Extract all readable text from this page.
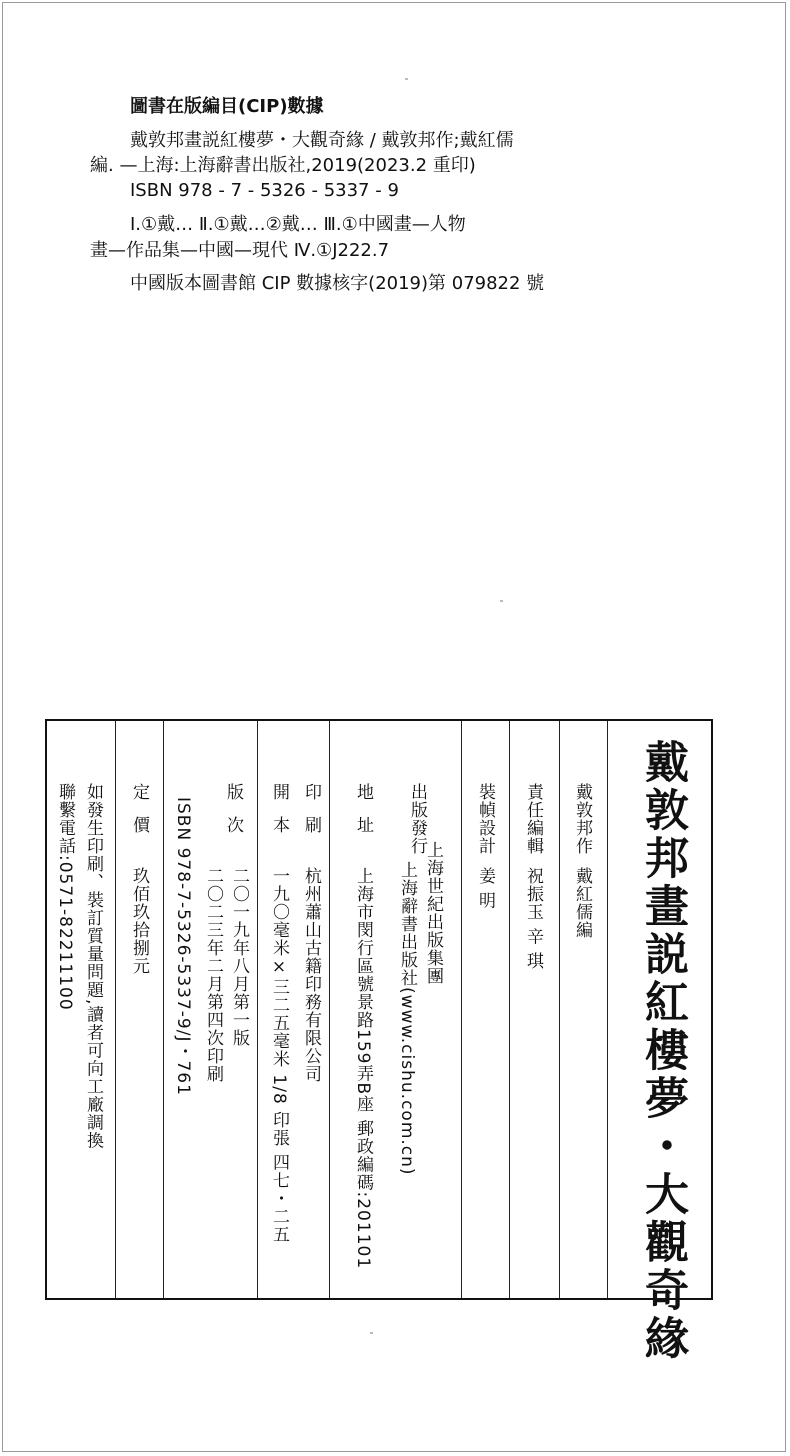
圖書在版編目(CIP)數據
戴敦邦畫説紅樓夢・大觀奇緣 / 戴敦邦作;戴紅儒
編. —上海:上海辭書出版社,2019(2023.2 重印)
ISBN 978 - 7 - 5326 - 5337 - 9
Ⅰ.①戴… Ⅱ.①戴…②戴… Ⅲ.①中國畫—人物
畫—作品集—中國—現代 Ⅳ.①J222.7
中國版本圖書館 CIP 數據核字(2019)第 079822 號
戴敦邦畫説紅樓夢・大觀奇緣
戴敦邦作
戴紅儒編
責任編輯
祝振玉 辛 琪
裝幀設計
姜 明
出版發行
上海世紀出版集團
上海辭書出版社(www.cishu.com.cn)
地址
上海市閔行區號景路159弄B座 郵政編碼:201101
印刷
杭州蕭山古籍印務有限公司
開本
一九〇毫米×三二五毫米 1/8 印張 四七・二五
版次
二〇一九年八月第一版
二〇二三年二月第四次印刷
ISBN 978-7-5326-5337-9/J・761
定價
玖佰玖拾捌元
如發生印刷、裝訂質量問題,讀者可向工廠調換
聯繫電話:0571-82211100
